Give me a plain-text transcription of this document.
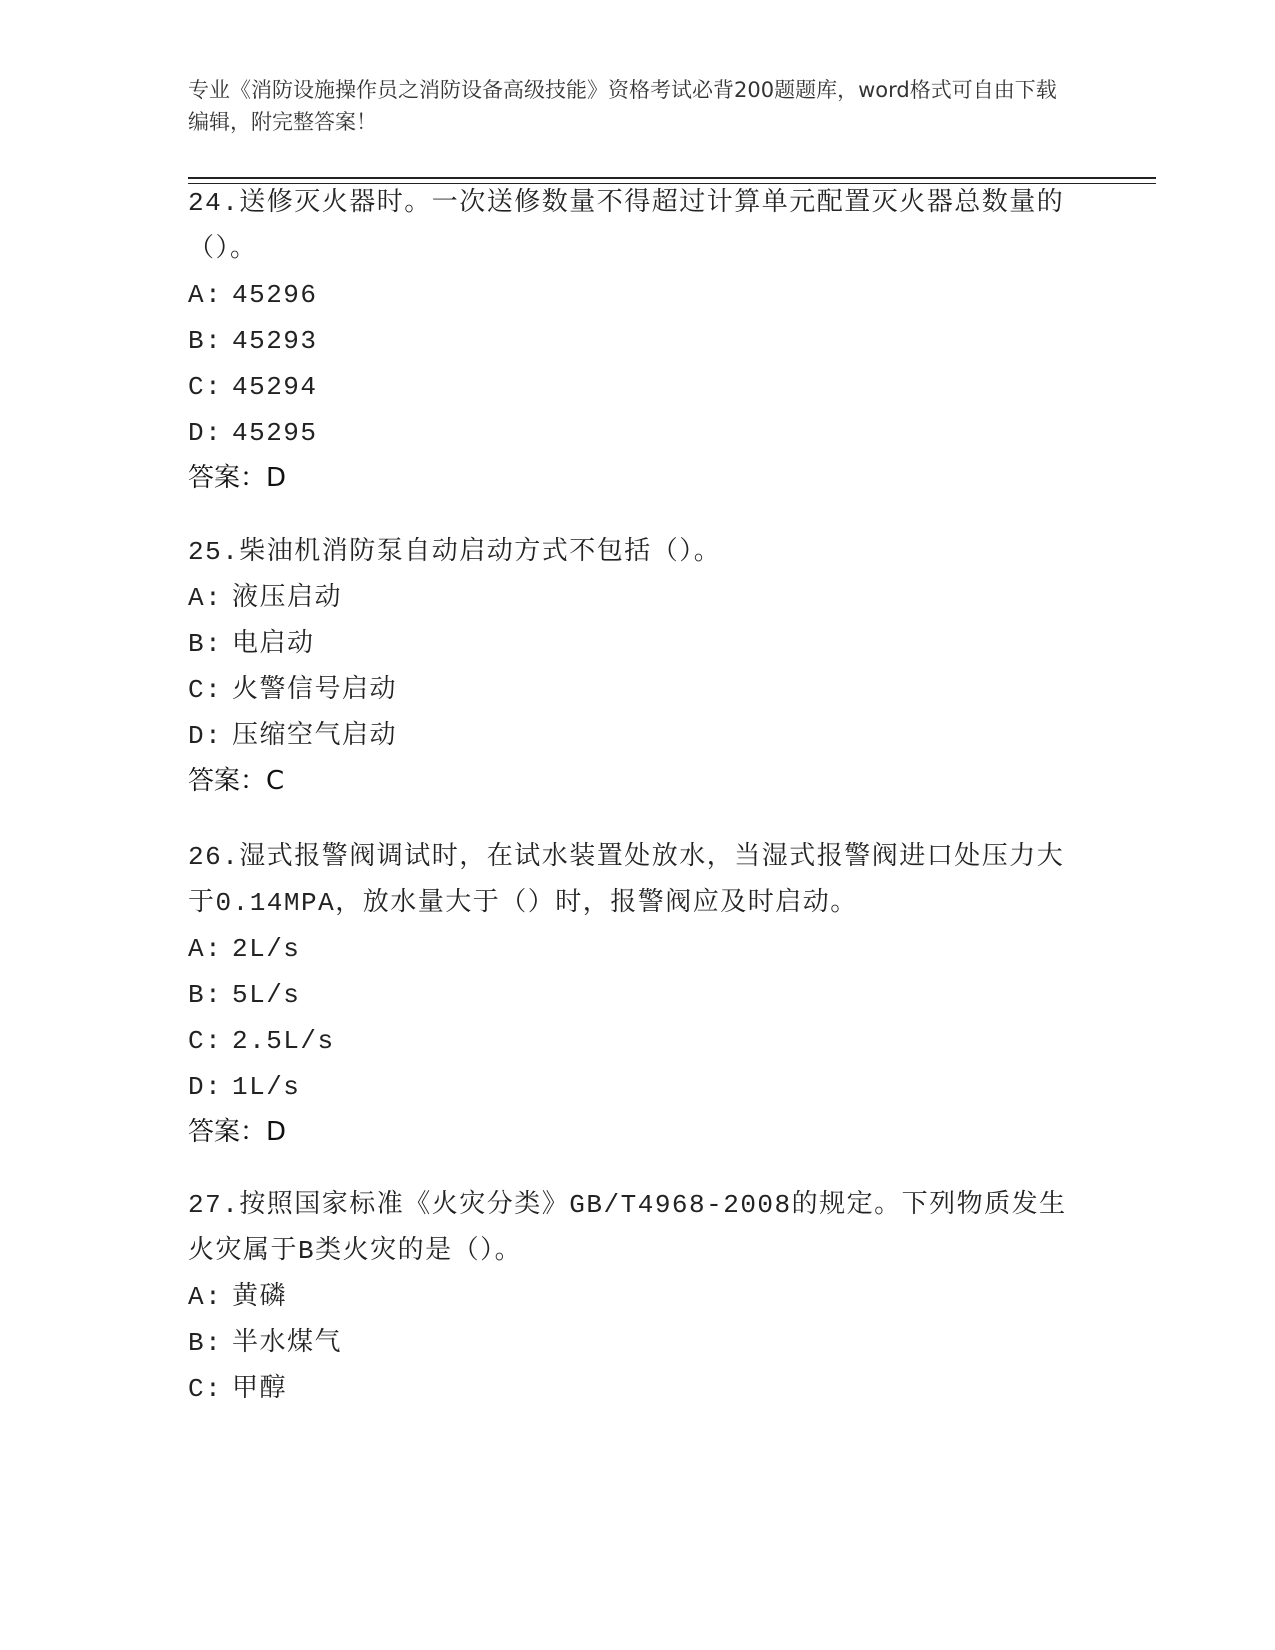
专业《消防设施操作员之消防设备高级技能》资格考试必背200题题库，word格式可自由下载编辑，附完整答案！
24.送修灭火器时。一次送修数量不得超过计算单元配置灭火器总数量的（）。
A: 45296
B: 45293
C: 45294
D: 45295
答案：D
25.柴油机消防泵自动启动方式不包括（）。
A: 液压启动
B: 电启动
C: 火警信号启动
D: 压缩空气启动
答案：C
26.湿式报警阀调试时，在试水装置处放水，当湿式报警阀进口处压力大于0.14MPA，放水量大于（）时，报警阀应及时启动。
A: 2L/s
B: 5L/s
C: 2.5L/s
D: 1L/s
答案：D
27.按照国家标准《火灾分类》GB/T4968-2008的规定。下列物质发生火灾属于B类火灾的是（）。
A: 黄磷
B: 半水煤气
C: 甲醇
